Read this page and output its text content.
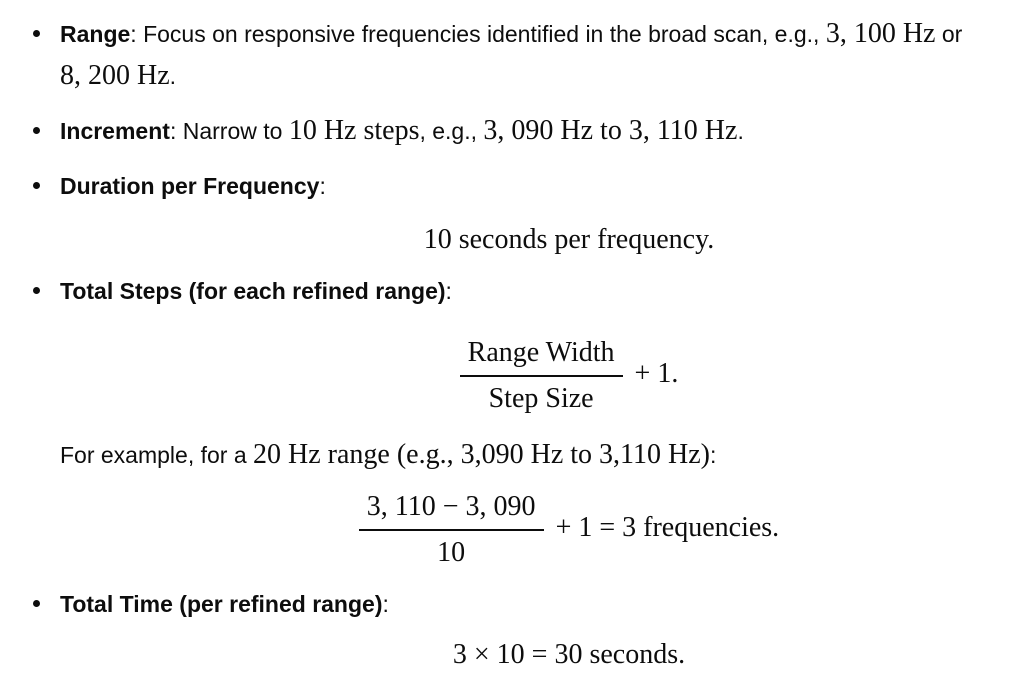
Range: Focus on responsive frequencies identified in the broad scan, e.g., 3, 100 Hz or
8, 200 Hz.
Increment: Narrow to 10 Hz steps, e.g., 3, 090 Hz to 3, 110 Hz.
Duration per Frequency:
10 seconds per frequency.
Total Steps (for each refined range):
$\frac{\text{Range Width}}{\text{Step Size}} + 1$.

For example, for a 20 Hz range (e.g., 3,090 Hz to 3,110 Hz):

$\frac{3, 110 - 3, 090}{10} + 1 = 3$ frequencies.
Total Time (per refined range):
3 × 10 = 30 seconds.
